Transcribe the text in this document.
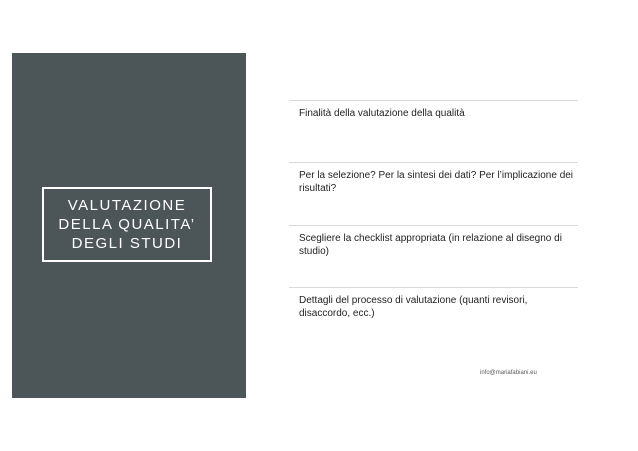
VALUTAZIONE
DELLA QUALITA’
DEGLI STUDI
Finalità della valutazione della qualità
Per la selezione? Per la sintesi dei dati? Per l’implicazione dei risultati?
Scegliere la checklist appropriata (in relazione al disegno di studio)
Dettagli del processo di valutazione (quanti revisori, disaccordo, ecc.)
info@mariafabiani.eu
